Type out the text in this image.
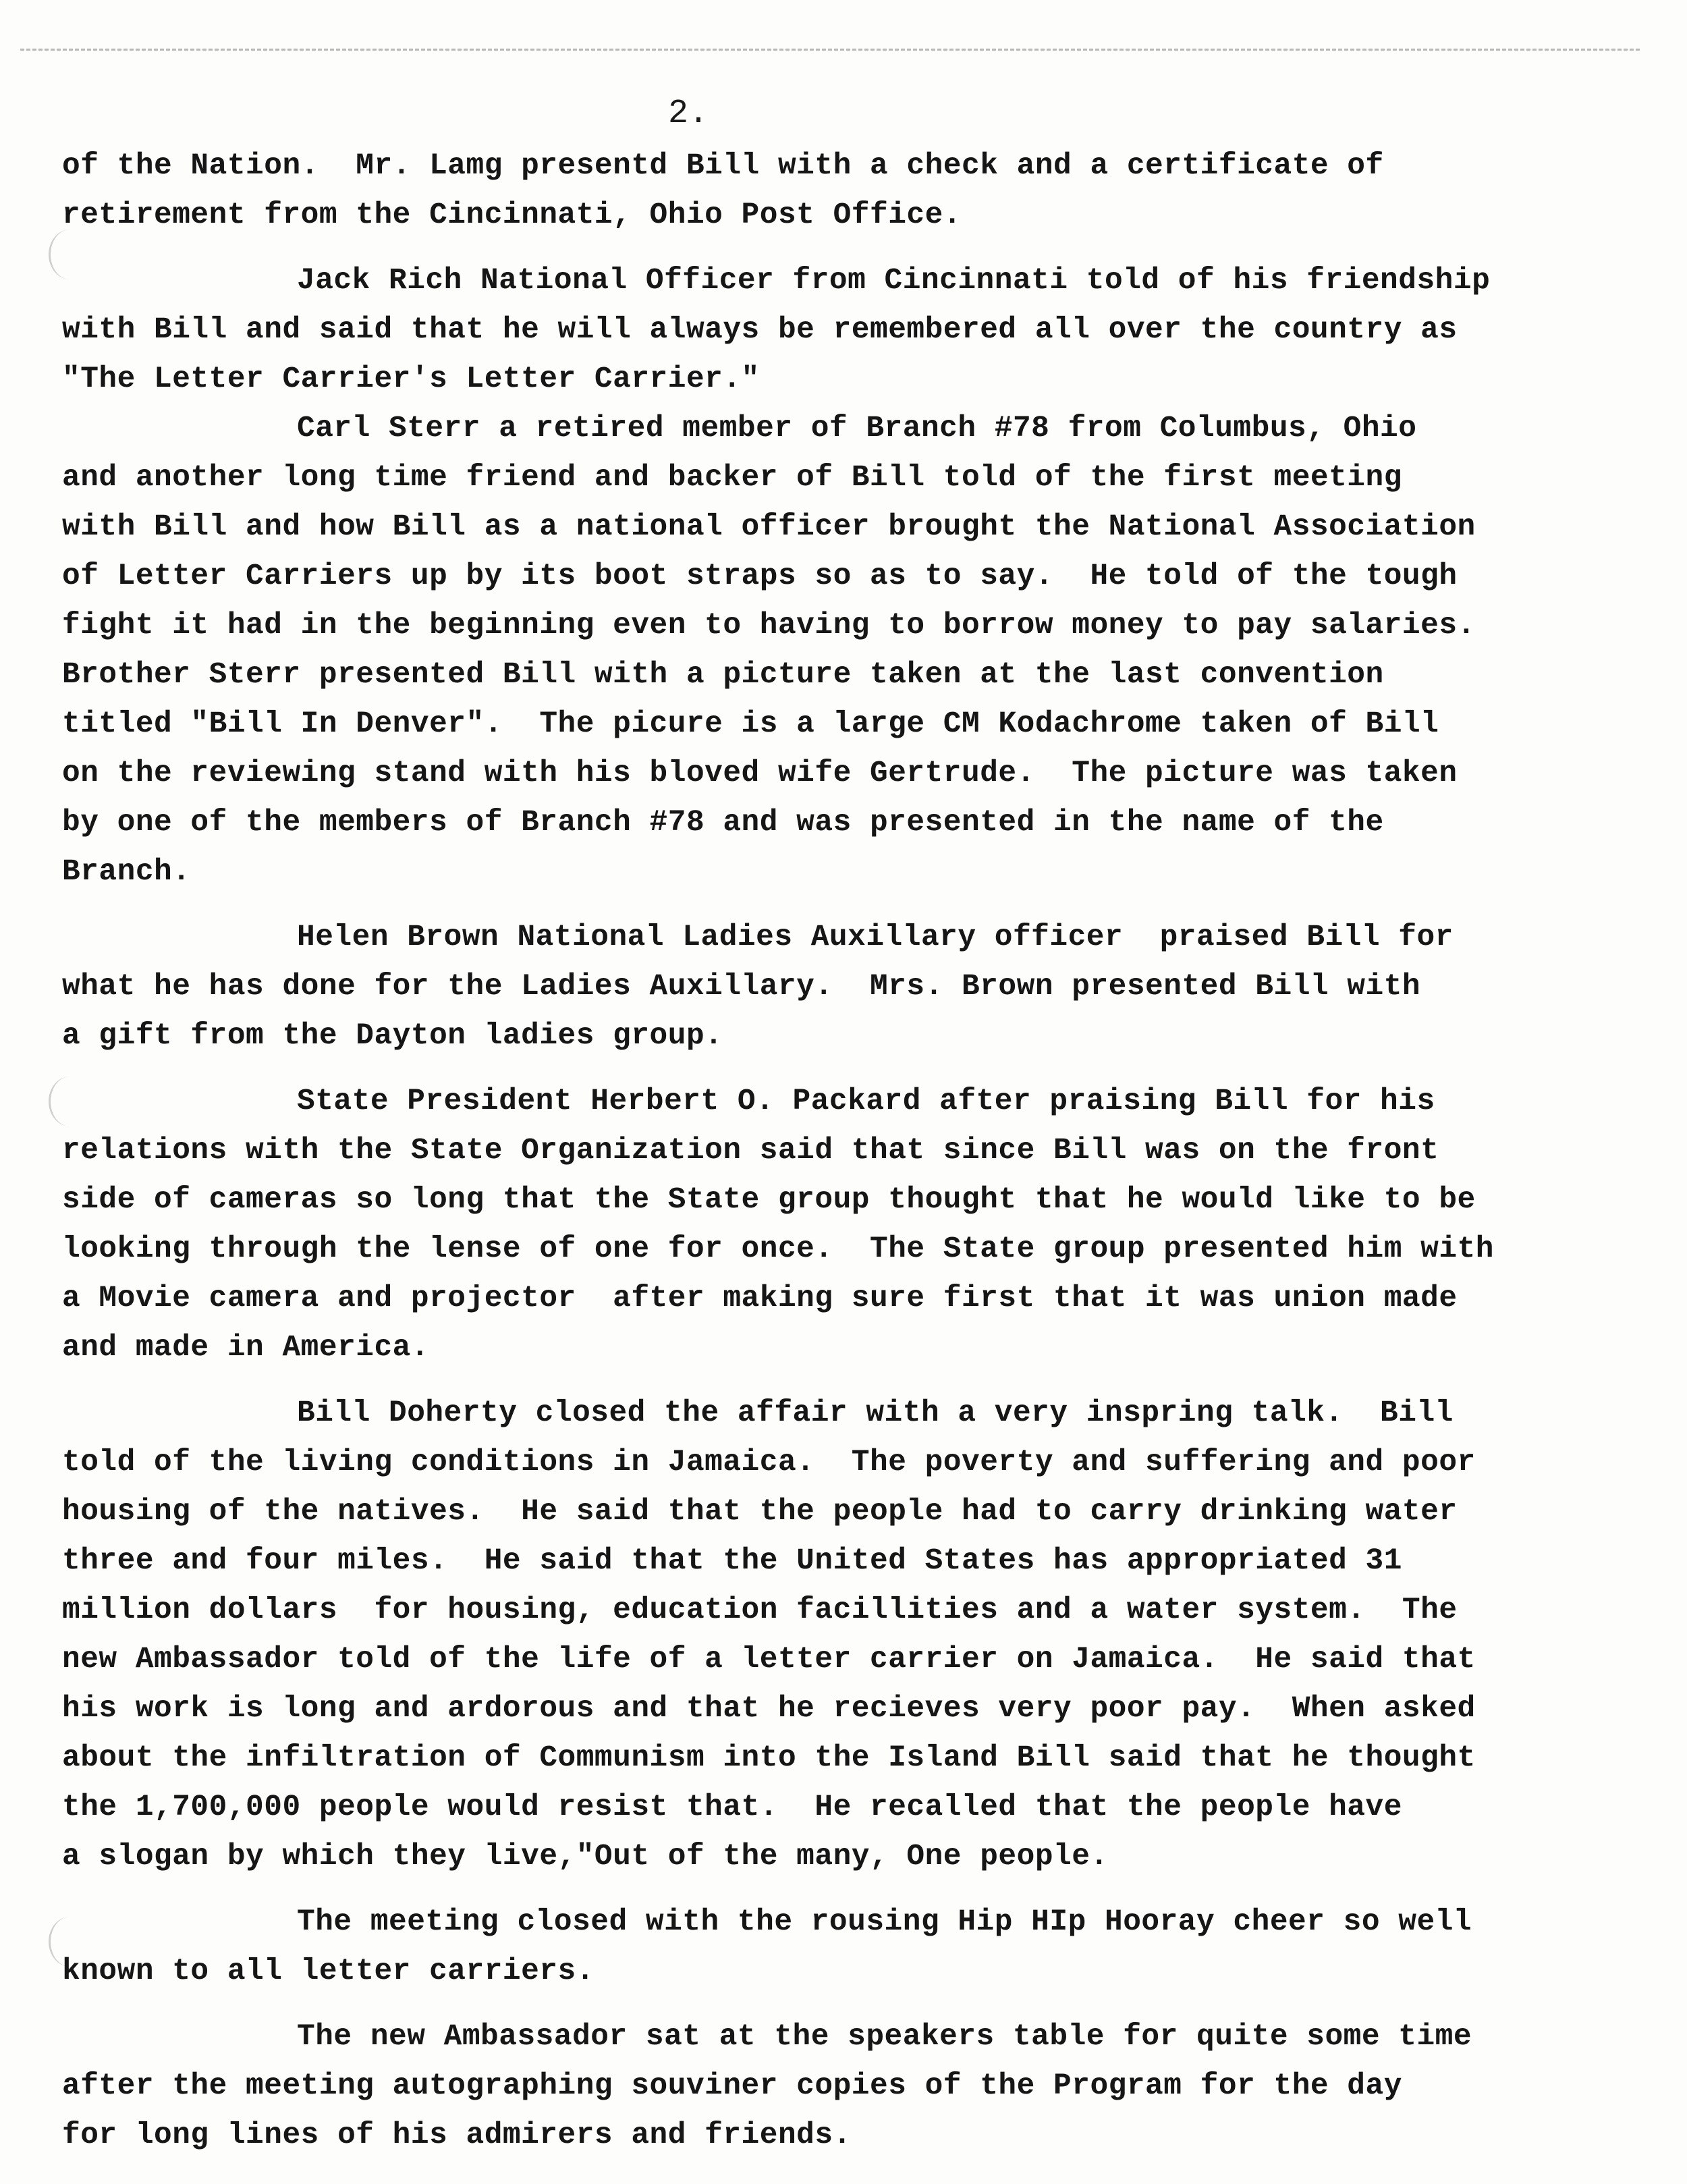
2.
of the Nation.  Mr. Lamg presentd Bill with a check and a certificate of
retirement from the Cincinnati, Ohio Post Office.
Jack Rich National Officer from Cincinnati told of his friendship
with Bill and said that he will always be remembered all over the country as
"The Letter Carrier's Letter Carrier."
Carl Sterr a retired member of Branch #78 from Columbus, Ohio
and another long time friend and backer of Bill told of the first meeting
with Bill and how Bill as a national officer brought the National Association
of Letter Carriers up by its boot straps so as to say.  He told of the tough
fight it had in the beginning even to having to borrow money to pay salaries.
Brother Sterr presented Bill with a picture taken at the last convention
titled "Bill In Denver".  The picure is a large CM Kodachrome taken of Bill
on the reviewing stand with his bloved wife Gertrude.  The picture was taken
by one of the members of Branch #78 and was presented in the name of the
Branch.
Helen Brown National Ladies Auxillary officer  praised Bill for
what he has done for the Ladies Auxillary.  Mrs. Brown presented Bill with
a gift from the Dayton ladies group.
State President Herbert O. Packard after praising Bill for his
relations with the State Organization said that since Bill was on the front
side of cameras so long that the State group thought that he would like to be
looking through the lense of one for once.  The State group presented him with
a Movie camera and projector  after making sure first that it was union made
and made in America.
Bill Doherty closed the affair with a very inspring talk.  Bill
told of the living conditions in Jamaica.  The poverty and suffering and poor
housing of the natives.  He said that the people had to carry drinking water
three and four miles.  He said that the United States has appropriated 31
million dollars  for housing, education facillities and a water system.  The
new Ambassador told of the life of a letter carrier on Jamaica.  He said that
his work is long and ardorous and that he recieves very poor pay.  When asked
about the infiltration of Communism into the Island Bill said that he thought
the 1,700,000 people would resist that.  He recalled that the people have
a slogan by which they live,"Out of the many, One people.
The meeting closed with the rousing Hip HIp Hooray cheer so well
known to all letter carriers.
The new Ambassador sat at the speakers table for quite some time
after the meeting autographing souviner copies of the Program for the day
for long lines of his admirers and friends.
